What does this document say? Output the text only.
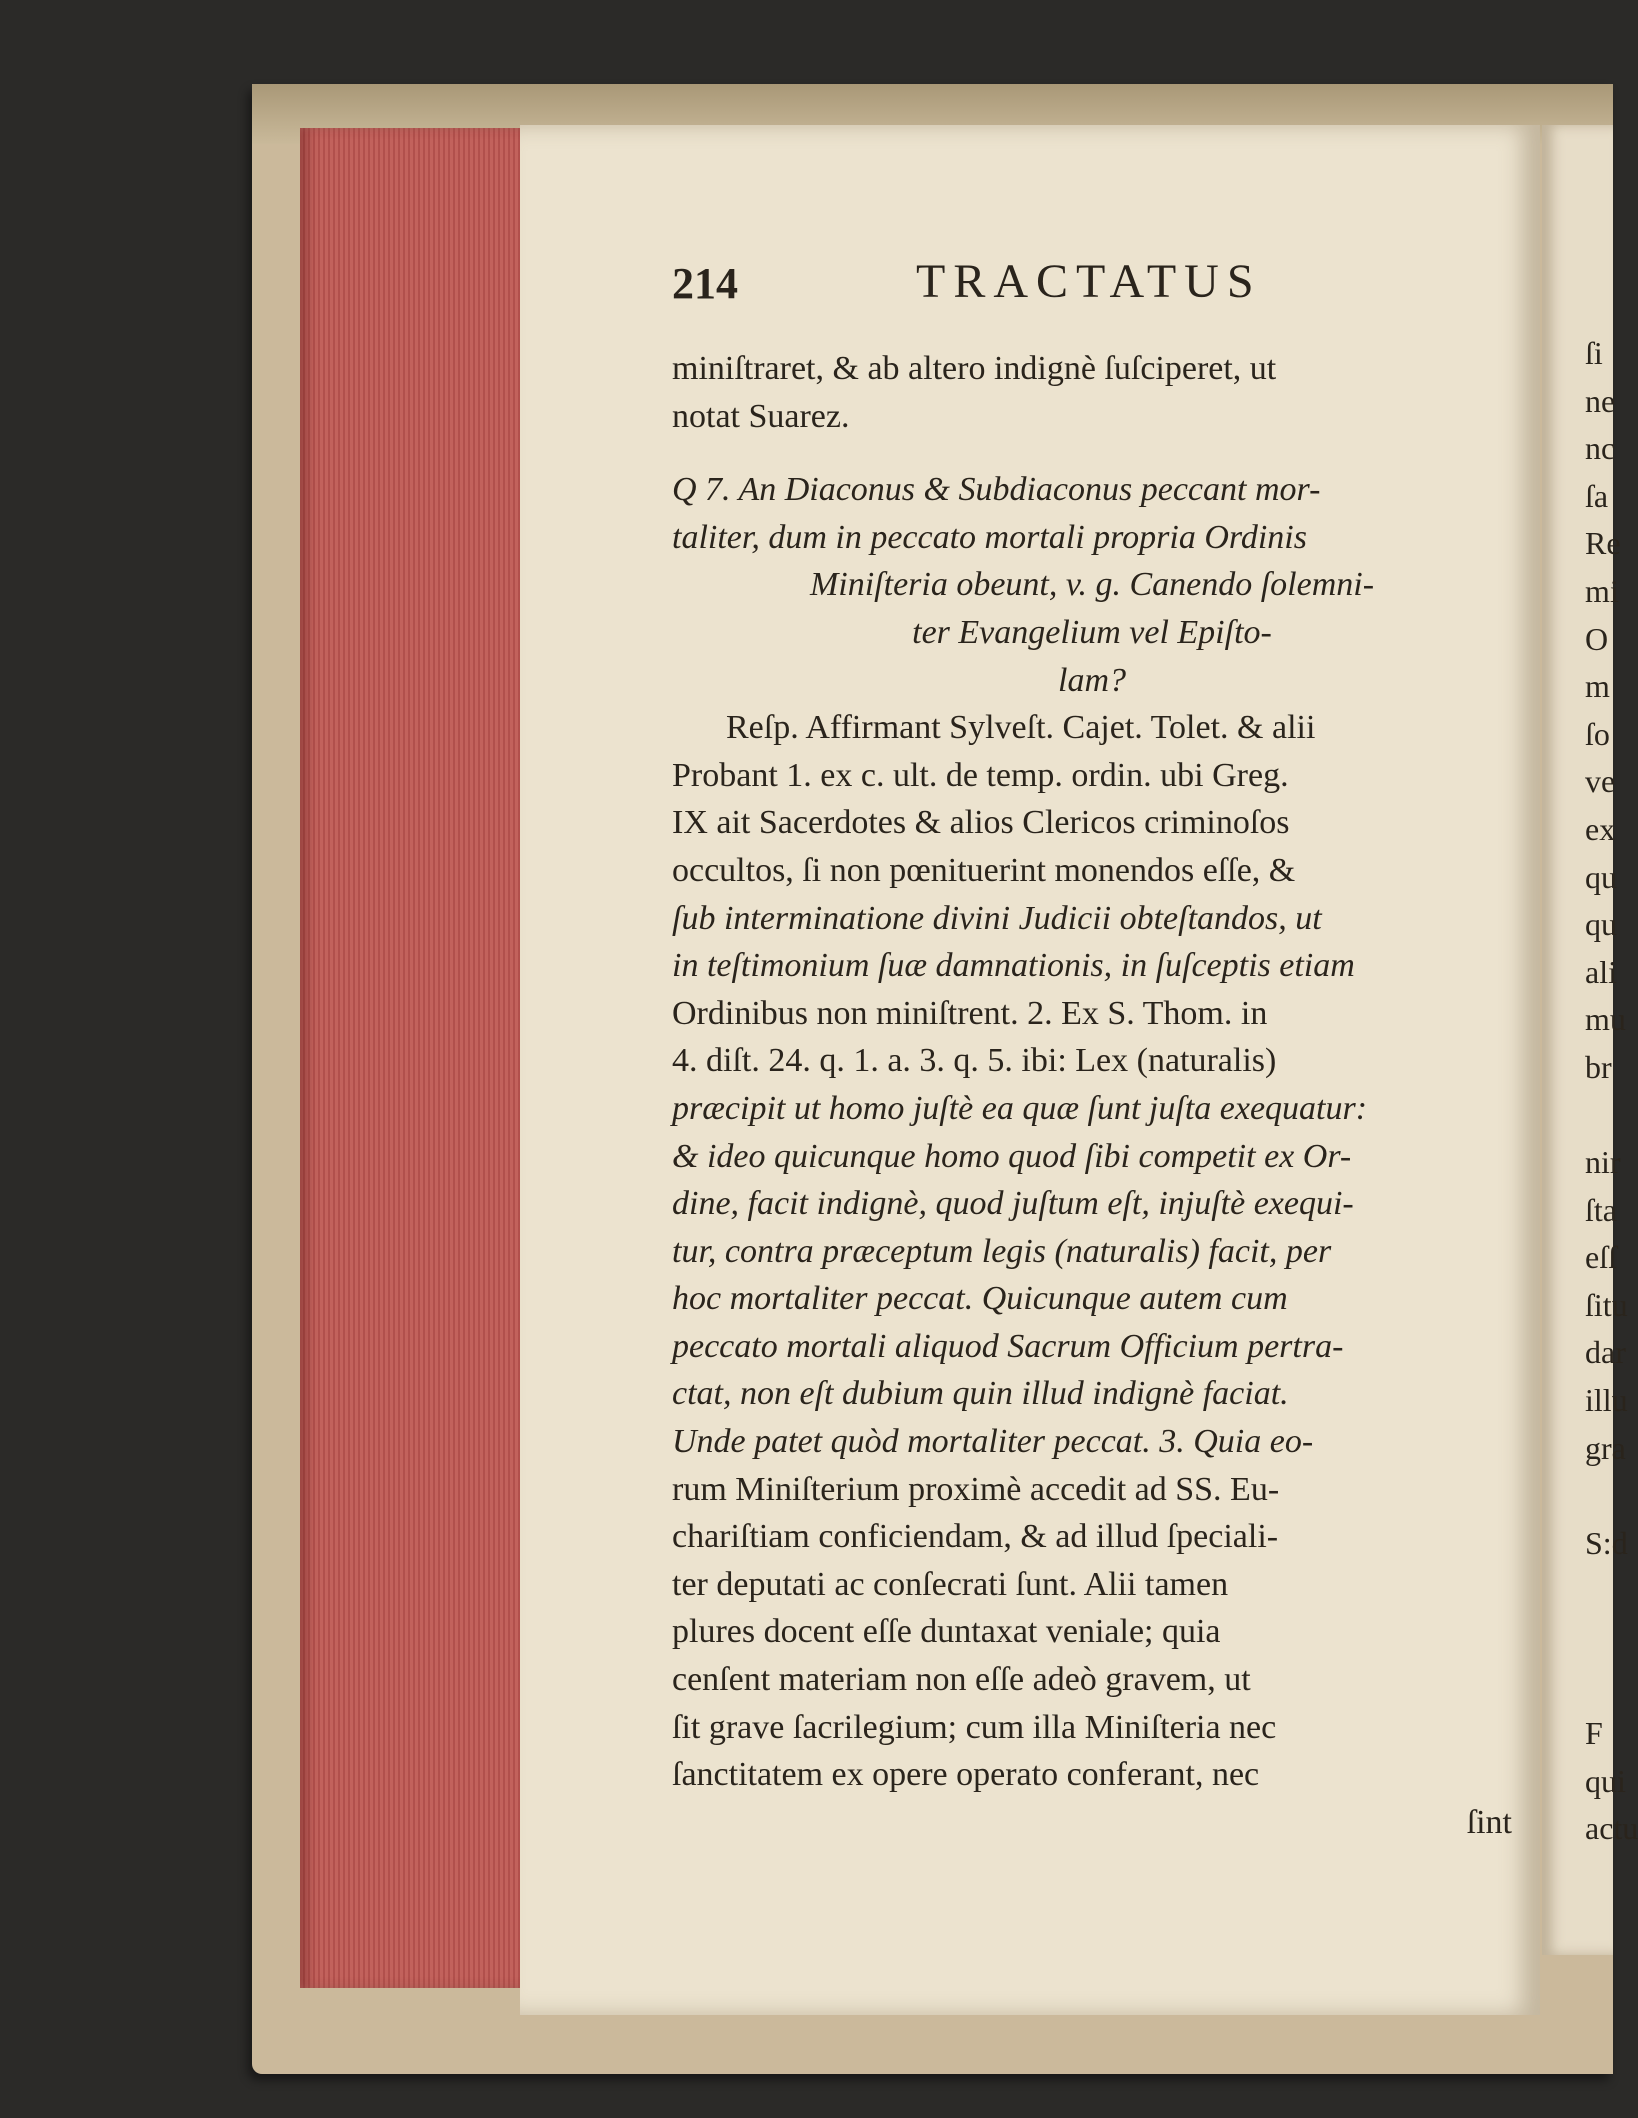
214	TRACTATUS
miniſtraret, & ab altero indignè ſuſciperet, ut
notat Suarez.
Q 7. An Diaconus & Subdiaconus peccant mor-
taliter, dum in peccato mortali propria Ordinis
Miniſteria obeunt, v. g. Canendo ſolemni-
ter Evangelium vel Epiſto-
lam?
Reſp. Affirmant Sylveſt. Cajet. Tolet. & alii
Probant 1. ex c. ult. de temp. ordin. ubi Greg.
IX ait Sacerdotes & alios Clericos criminoſos
occultos, ſi non pœnituerint monendos eſſe, &
ſub interminatione divini Judicii obteſtandos, ut
in teſtimonium ſuæ damnationis, in ſuſceptis etiam
Ordinibus non miniſtrent. 2. Ex S. Thom. in
4. diſt. 24. q. 1. a. 3. q. 5. ibi: Lex (naturalis)
præcipit ut homo juſtè ea quæ ſunt juſta exequatur:
& ideo quicunque homo quod ſibi competit ex Or-
dine, facit indignè, quod juſtum eſt, injuſtè exequi-
tur, contra præceptum legis (naturalis) facit, per
hoc mortaliter peccat. Quicunque autem cum
peccato mortali aliquod Sacrum Officium pertra-
ctat, non eſt dubium quin illud indignè faciat.
Unde patet quòd mortaliter peccat. 3. Quia eo-
rum Miniſterium proximè accedit ad SS. Eu-
chariſtiam conficiendam, & ad illud ſpeciali-
ter deputati ac conſecrati ſunt. Alii tamen
plures docent eſſe duntaxat veniale; quia
cenſent materiam non eſſe adeò gravem, ut
ſit grave ſacrilegium; cum illa Miniſteria nec
ſanctitatem ex opere operato conferant, nec
ſint
ſi
ne
nc
ſa
Re
mi
O
m
ſo
ve
ex
qu
qu
ali
mu
br
nir
ſta
eſſ
ſitu
dar
illu
gra
S:d
F
qui
actu
